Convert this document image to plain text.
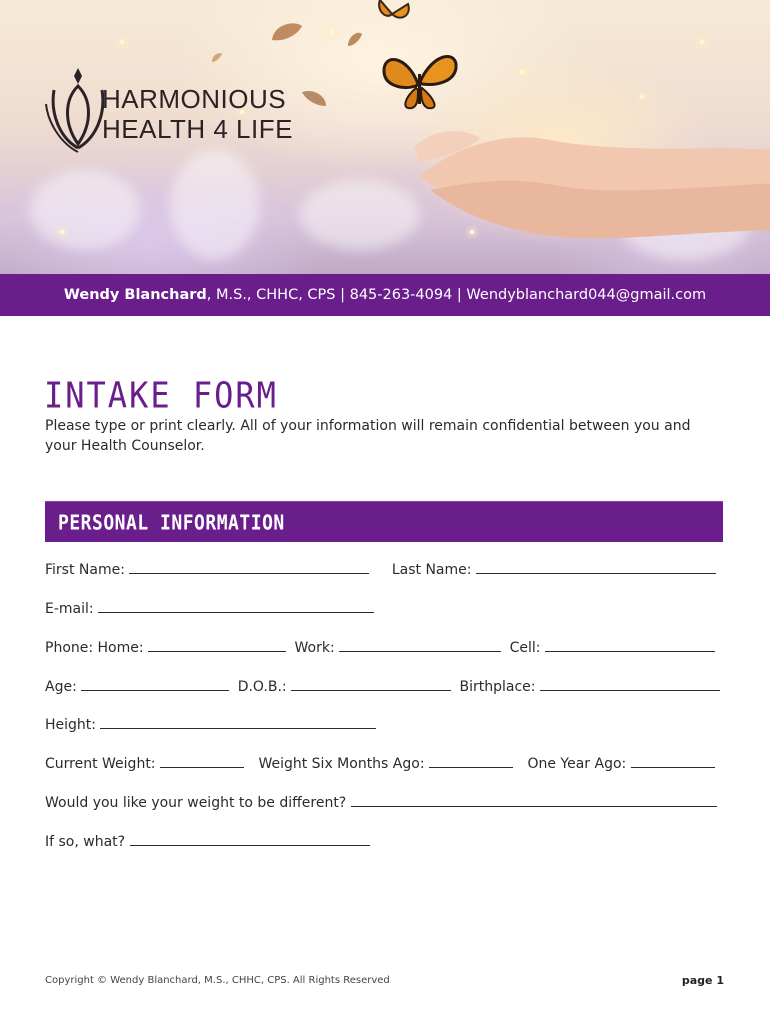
HARMONIOUS
HEALTH 4 LIFE
Wendy Blanchard , M.S., CHHC, CPS | 845-263-4094 | Wendyblanchard044@gmail.com
INTAKE FORM
Please type or print clearly. All of your information will remain confidential between you and your Health Counselor.
PERSONAL INFORMATION
First Name:	Last Name:
E-mail:
Phone: Home:	Work:	Cell:
Age:	D.O.B.:	Birthplace:
Height:
Current Weight:	Weight Six Months Ago:	One Year Ago:
Would you like your weight to be different?
If so, what?
Copyright © Wendy Blanchard, M.S., CHHC, CPS. All Rights Reserved	page 1
